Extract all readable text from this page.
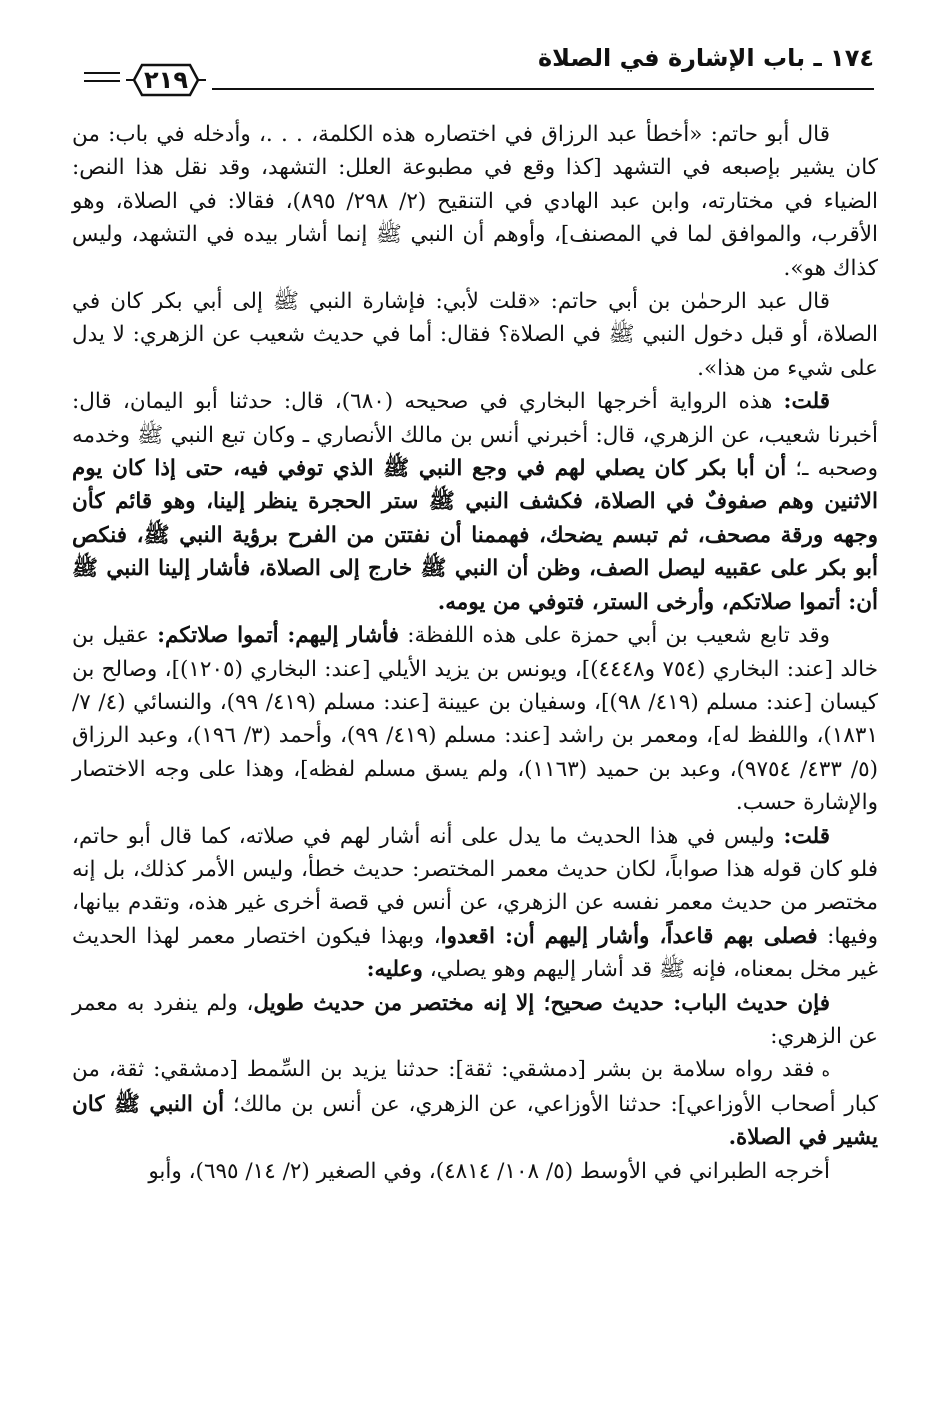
١٧٤ ـ باب الإشارة في الصلاة
٢١٩

قال أبو حاتم: «أخطأ عبد الرزاق في اختصاره هذه الكلمة، . . .، وأدخله في باب: من كان يشير بإصبعه في التشهد [كذا وقع في مطبوعة العلل: التشهد، وقد نقل هذا النص: الضياء في مختارته، وابن عبد الهادي في التنقيح (٢/ ٢٩٨/ ٨٩٥)، فقالا: في الصلاة، وهو الأقرب، والموافق لما في المصنف]، وأوهم أن النبي ﷺ إنما أشار بيده في التشهد، وليس كذاك هو».

قال عبد الرحمٰن بن أبي حاتم: «قلت لأبي: فإشارة النبي ﷺ إلى أبي بكر كان في الصلاة، أو قبل دخول النبي ﷺ في الصلاة؟ فقال: أما في حديث شعيب عن الزهري: لا يدل على شيء من هذا».

قلت: هذه الرواية أخرجها البخاري في صحيحه (٦٨٠)، قال: حدثنا أبو اليمان، قال: أخبرنا شعيب، عن الزهري، قال: أخبرني أنس بن مالك الأنصاري ـ وكان تبع النبي ﷺ وخدمه وصحبه ـ؛ أن أبا بكر كان يصلي لهم في وجع النبي ﷺ الذي توفي فيه، حتى إذا كان يوم الاثنين وهم صفوفٌ في الصلاة، فكشف النبي ﷺ ستر الحجرة ينظر إلينا، وهو قائم كأن وجهه ورقة مصحف، ثم تبسم يضحك، فهممنا أن نفتتن من الفرح برؤية النبي ﷺ، فنكص أبو بكر على عقبيه ليصل الصف، وظن أن النبي ﷺ خارج إلى الصلاة، فأشار إلينا النبي ﷺ أن: أتموا صلاتكم، وأرخى الستر، فتوفي من يومه.

وقد تابع شعيب بن أبي حمزة على هذه اللفظة: فأشار إليهم: أتموا صلاتكم: عقيل بن خالد [عند: البخاري (٧٥٤ و٤٤٤٨)]، ويونس بن يزيد الأيلي [عند: البخاري (١٢٠٥)]، وصالح بن كيسان [عند: مسلم (٤١٩/ ٩٨)]، وسفيان بن عيينة [عند: مسلم (٤١٩/ ٩٩)، والنسائي (٤/ ٧/ ١٨٣١)، واللفظ له]، ومعمر بن راشد [عند: مسلم (٤١٩/ ٩٩)، وأحمد (٣/ ١٩٦)، وعبد الرزاق (٥/ ٤٣٣/ ٩٧٥٤)، وعبد بن حميد (١١٦٣)، ولم يسق مسلم لفظه]، وهذا على وجه الاختصار والإشارة حسب.

قلت: وليس في هذا الحديث ما يدل على أنه أشار لهم في صلاته، كما قال أبو حاتم، فلو كان قوله هذا صواباً، لكان حديث معمر المختصر: حديث خطأ، وليس الأمر كذلك، بل إنه مختصر من حديث معمر نفسه عن الزهري، عن أنس في قصة أخرى غير هذه، وتقدم بيانها، وفيها: فصلى بهم قاعداً، وأشار إليهم أن: اقعدوا، وبهذا فيكون اختصار معمر لهذا الحديث غير مخل بمعناه، فإنه ﷺ قد أشار إليهم وهو يصلي، وعليه:

فإن حديث الباب: حديث صحيح؛ إلا إنه مختصر من حديث طويل، ولم ينفرد به معمر عن الزهري:

ه فقد رواه سلامة بن بشر [دمشقي: ثقة]: حدثنا يزيد بن السِّمط [دمشقي: ثقة، من كبار أصحاب الأوزاعي]: حدثنا الأوزاعي، عن الزهري، عن أنس بن مالك؛ أن النبي ﷺ كان يشير في الصلاة.

أخرجه الطبراني في الأوسط (٥/ ١٠٨/ ٤٨١٤)، وفي الصغير (٢/ ١٤/ ٦٩٥)، وأبو
